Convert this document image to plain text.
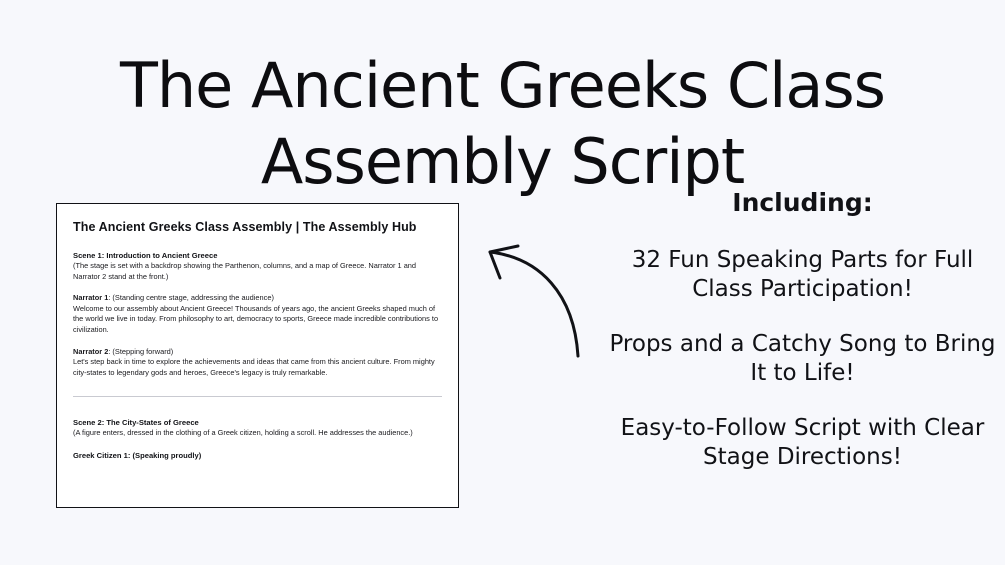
The Ancient Greeks Class Assembly Script
The Ancient Greeks Class Assembly | The Assembly Hub
Scene 1: Introduction to Ancient Greece
(The stage is set with a backdrop showing the Parthenon, columns, and a map of Greece. Narrator 1 and Narrator 2 stand at the front.)
Narrator 1: (Standing centre stage, addressing the audience)
Welcome to our assembly about Ancient Greece! Thousands of years ago, the ancient Greeks shaped much of the world we live in today. From philosophy to art, democracy to sports, Greece made incredible contributions to civilization.
Narrator 2: (Stepping forward)
Let's step back in time to explore the achievements and ideas that came from this ancient culture. From mighty city-states to legendary gods and heroes, Greece's legacy is truly remarkable.
Scene 2: The City-States of Greece
(A figure enters, dressed in the clothing of a Greek citizen, holding a scroll. He addresses the audience.)
Greek Citizen 1: (Speaking proudly)
Including:
32 Fun Speaking Parts for Full Class Participation!
Props and a Catchy Song to Bring It to Life!
Easy-to-Follow Script with Clear Stage Directions!
